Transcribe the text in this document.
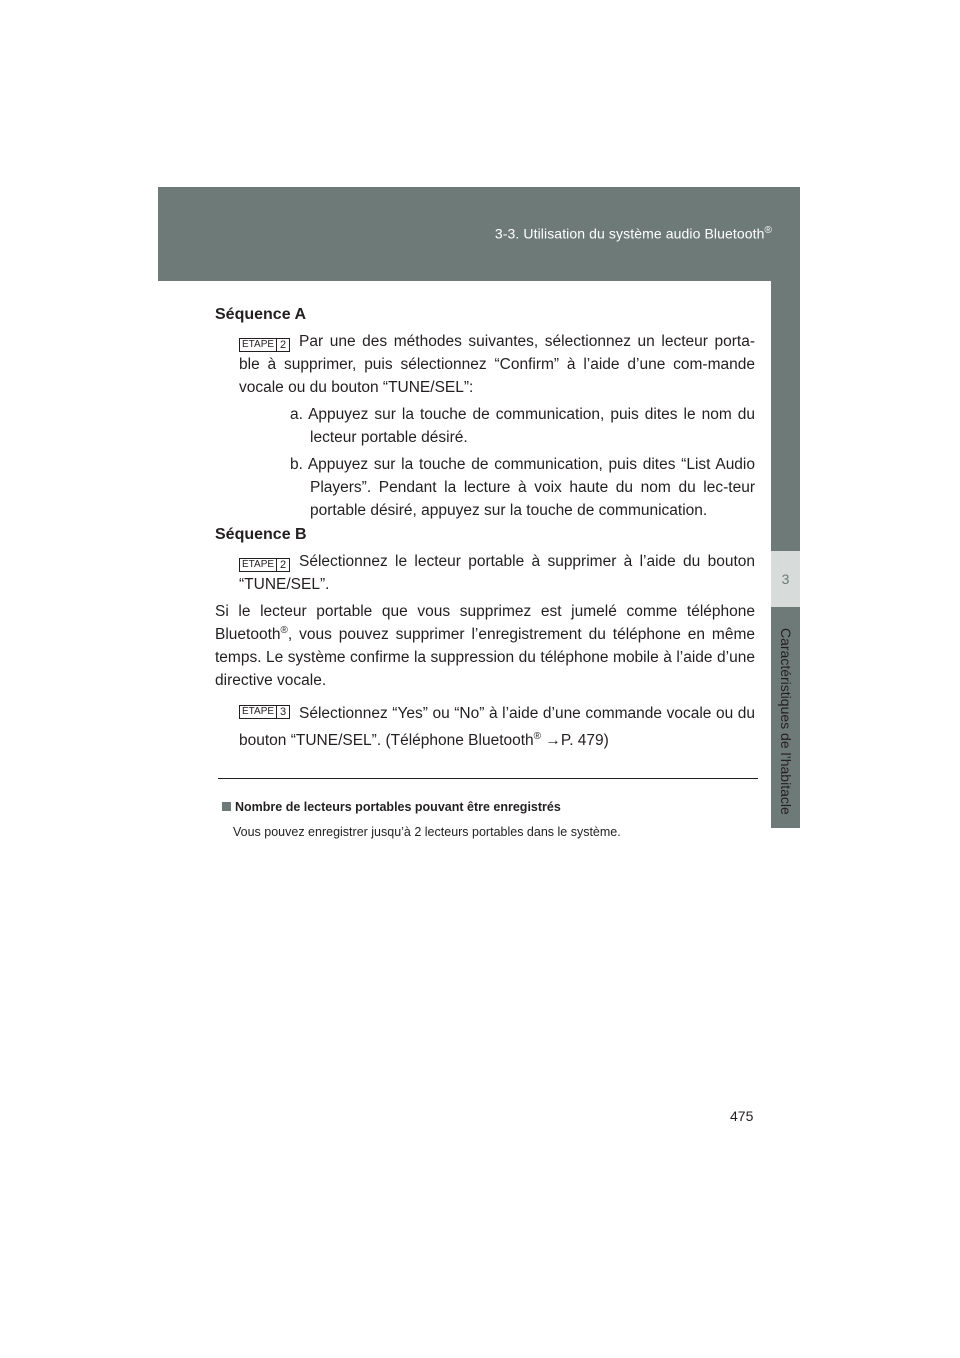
3-3. Utilisation du système audio Bluetooth®
3
Caractéristiques de l’habitacle
Séquence A
ÉTAPE 2 Par une des méthodes suivantes, sélectionnez un lecteur porta-ble à supprimer, puis sélectionnez “Confirm” à l’aide d’une com-mande vocale ou du bouton “TUNE/SEL”:
a. Appuyez sur la touche de communication, puis dites le nom du lecteur portable désiré.
b. Appuyez sur la touche de communication, puis dites “List Audio Players”. Pendant la lecture à voix haute du nom du lec-teur portable désiré, appuyez sur la touche de communication.
Séquence B
ÉTAPE 2 Sélectionnez le lecteur portable à supprimer à l’aide du bouton “TUNE/SEL”.
Si le lecteur portable que vous supprimez est jumelé comme téléphone Bluetooth®, vous pouvez supprimer l’enregistrement du téléphone en même temps. Le système confirme la suppression du téléphone mobile à l’aide d’une directive vocale.
ÉTAPE 3 Sélectionnez “Yes” ou “No” à l’aide d’une commande vocale ou du bouton “TUNE/SEL”. (Téléphone Bluetooth® →P. 479)
Nombre de lecteurs portables pouvant être enregistrés
Vous pouvez enregistrer jusqu’à 2 lecteurs portables dans le système.
475
